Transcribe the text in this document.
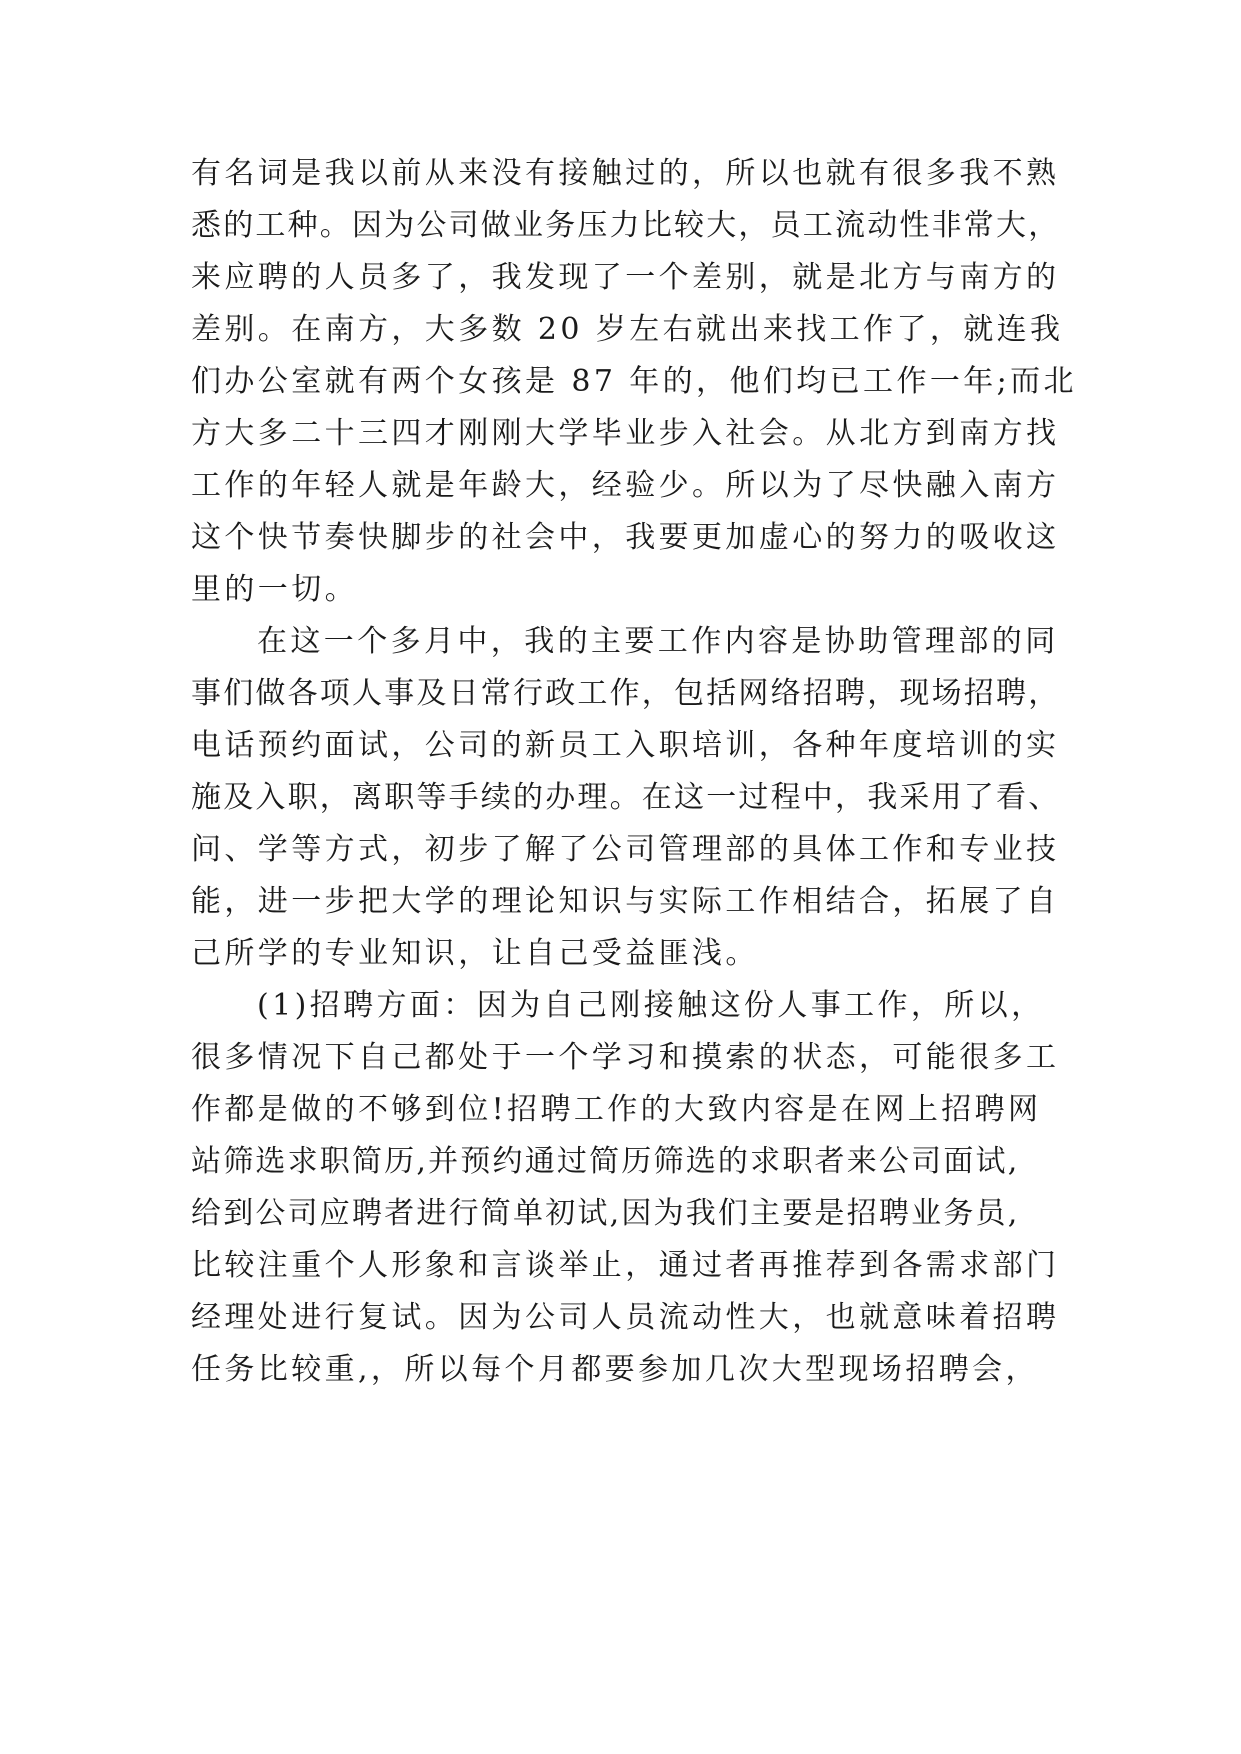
有名词是我以前从来没有接触过的，所以也就有很多我不熟
悉的工种。因为公司做业务压力比较大，员工流动性非常大，
来应聘的人员多了，我发现了一个差别，就是北方与南方的
差别。在南方，大多数 20 岁左右就出来找工作了，就连我
们办公室就有两个女孩是 87 年的，他们均已工作一年;而北
方大多二十三四才刚刚大学毕业步入社会。从北方到南方找
工作的年轻人就是年龄大，经验少。所以为了尽快融入南方
这个快节奏快脚步的社会中，我要更加虚心的努力的吸收这
里的一切。
在这一个多月中，我的主要工作内容是协助管理部的同
事们做各项人事及日常行政工作，包括网络招聘，现场招聘，
电话预约面试，公司的新员工入职培训，各种年度培训的实
施及入职，离职等手续的办理。在这一过程中，我采用了看、
问、学等方式，初步了解了公司管理部的具体工作和专业技
能，进一步把大学的理论知识与实际工作相结合，拓展了自
己所学的专业知识，让自己受益匪浅。
(1)招聘方面：因为自己刚接触这份人事工作，所以，
很多情况下自己都处于一个学习和摸索的状态，可能很多工
作都是做的不够到位!招聘工作的大致内容是在网上招聘网
站筛选求职简历,并预约通过简历筛选的求职者来公司面试,
给到公司应聘者进行简单初试,因为我们主要是招聘业务员,
比较注重个人形象和言谈举止，通过者再推荐到各需求部门
经理处进行复试。因为公司人员流动性大，也就意味着招聘
任务比较重,，所以每个月都要参加几次大型现场招聘会，
